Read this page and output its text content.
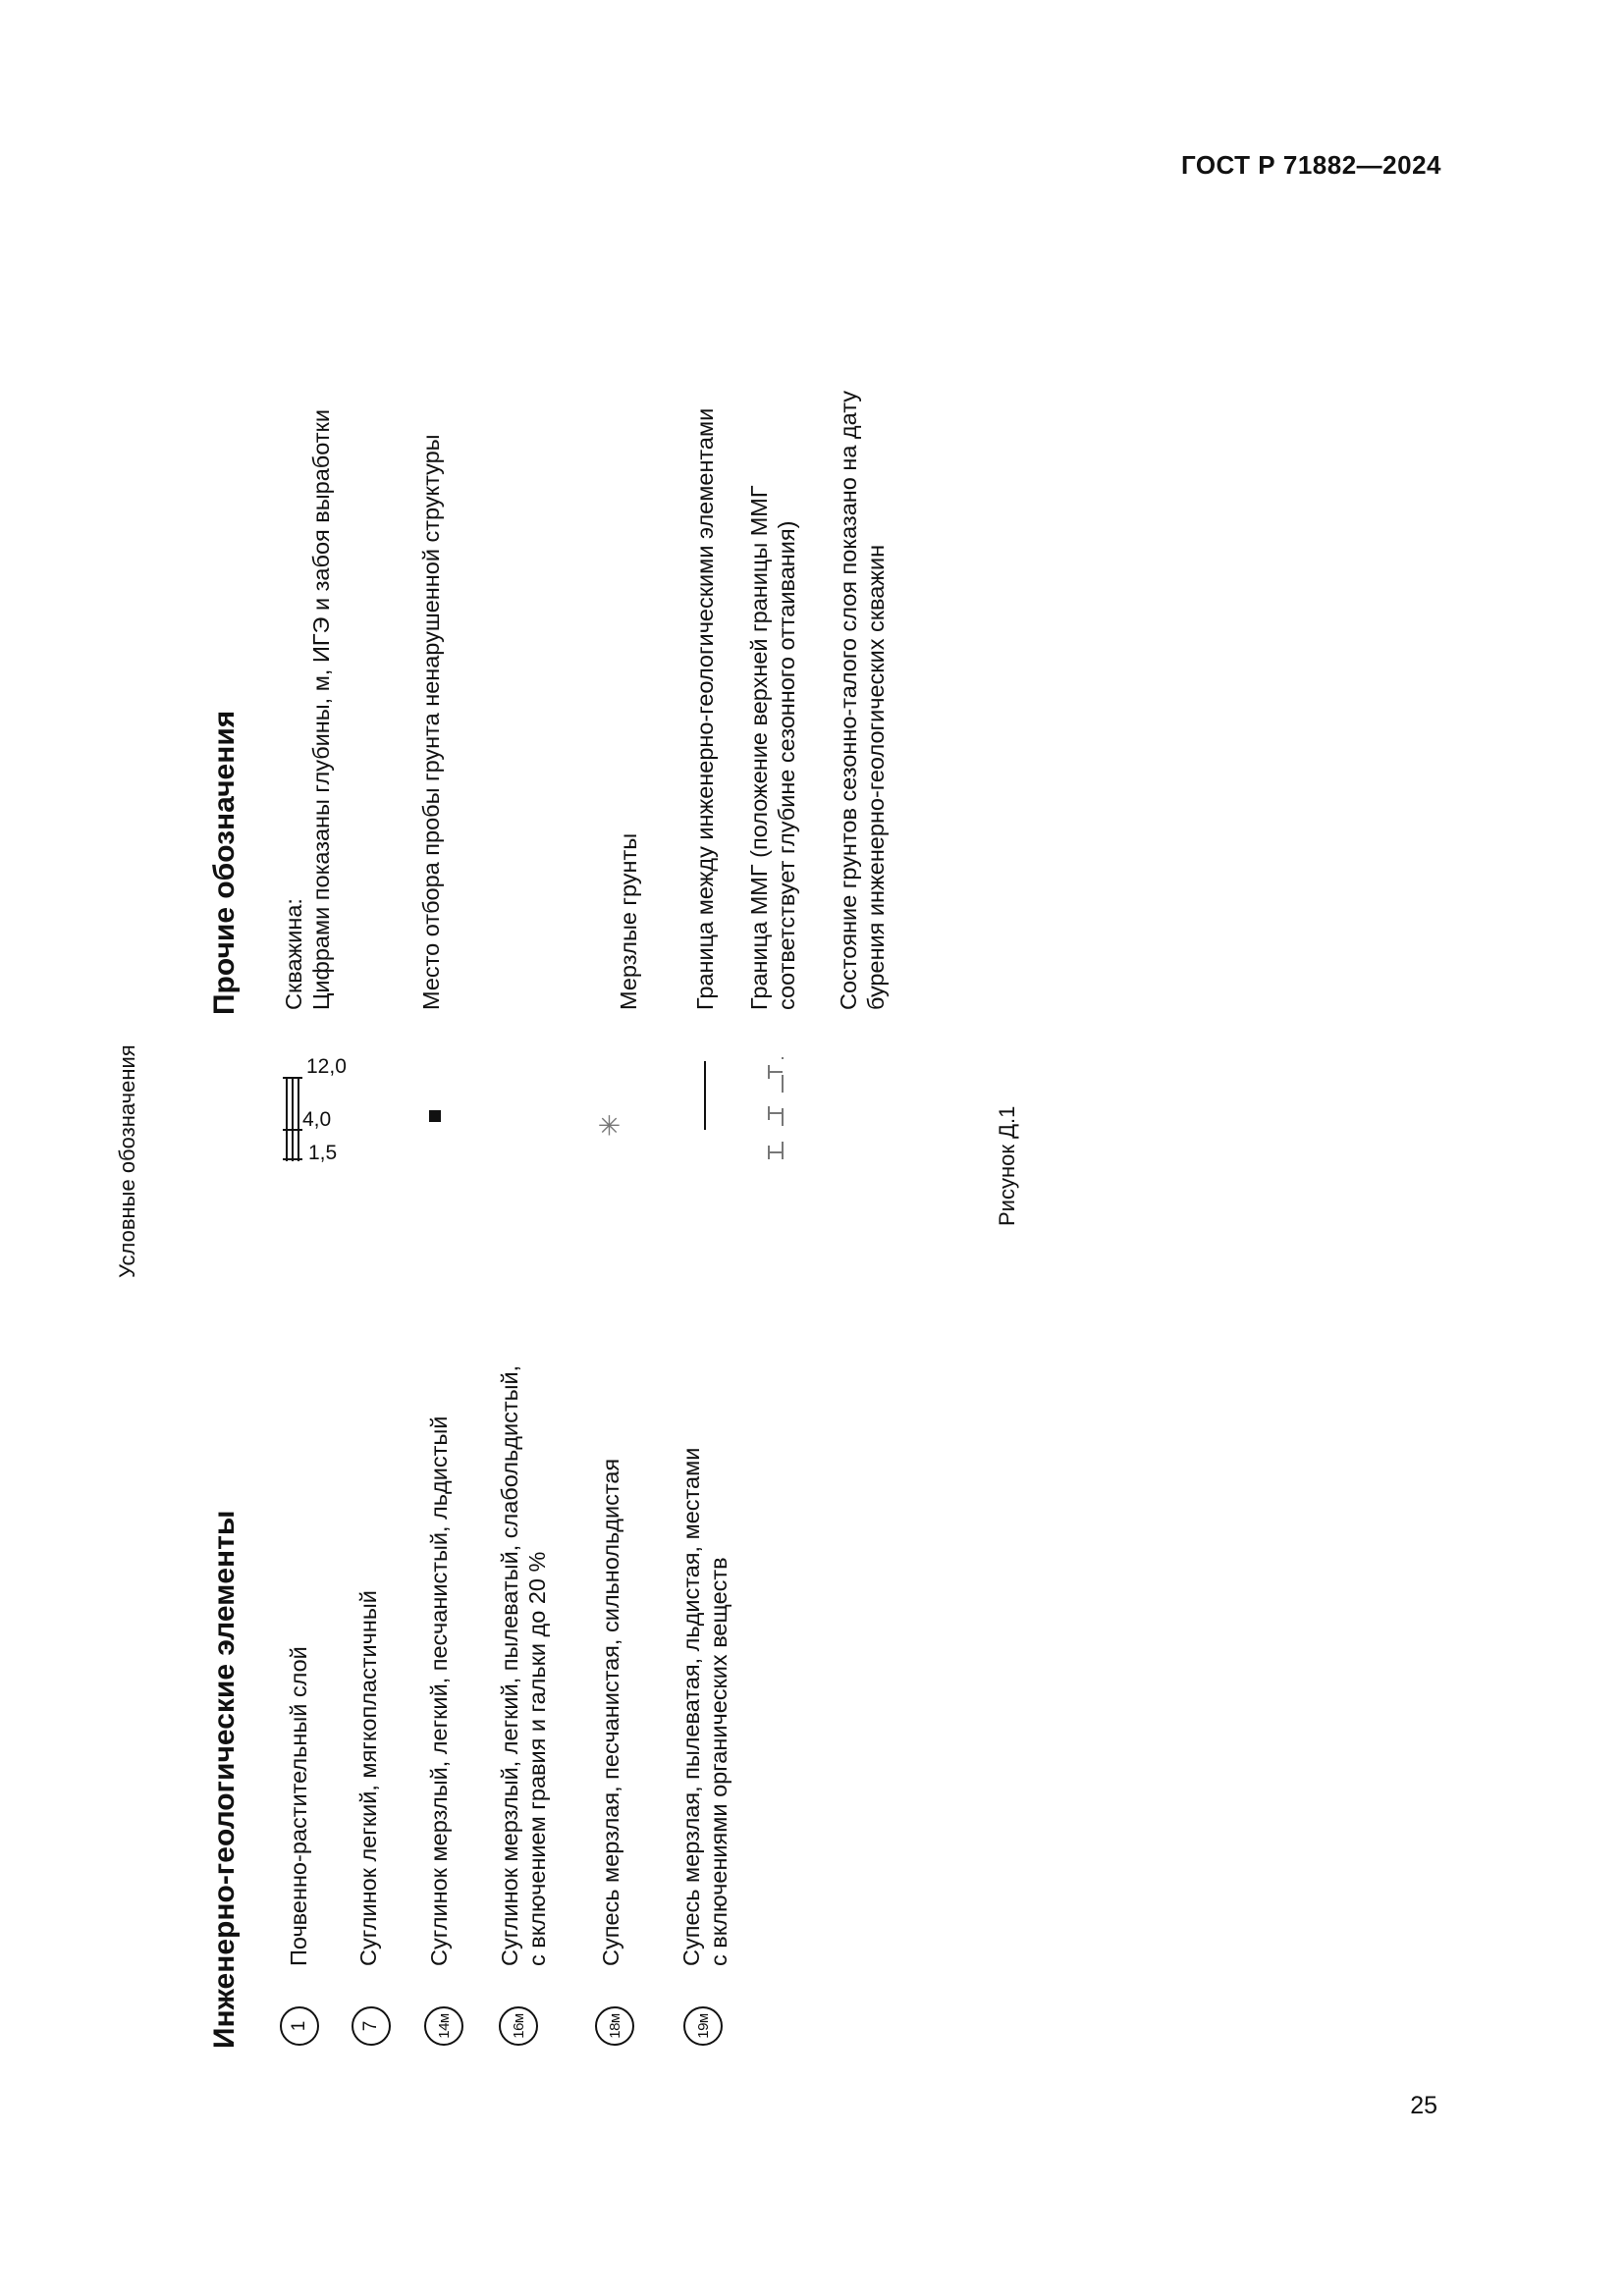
ГОСТ Р 71882—2024
25
Условные обозначения
Инженерно-геологические элементы	1
Почвенно-растительный слой
7
Суглинок легкий, мягкопластичный
14м
Суглинок мерзлый, легкий, песчанистый, льдистый
16м
Суглинок мерзлый, легкий, пылеватый, слабольдистый, с включением гравия и гальки до 20 %
18м
Супесь мерзлая, песчанистая, сильнольдистая
19м
Супесь мерзлая, пылеватая, льдистая, местами с включениями органических веществ
Прочие обозначения
1,5
4,0
12,0
Скважина: Цифрами показаны глубины, м, ИГЭ и забоя выработки	Место отбора пробы грунта ненарушенной структуры
✳
Мерзлые грунты Граница между инженерно-геологическими элементами Граница ММГ (положение верхней границы ММГ соответствует глубине сезонного оттаивания) Состояние грунтов сезонно-талого слоя показано на дату бурения инженерно-геологических скважин
Рисунок Д.1
